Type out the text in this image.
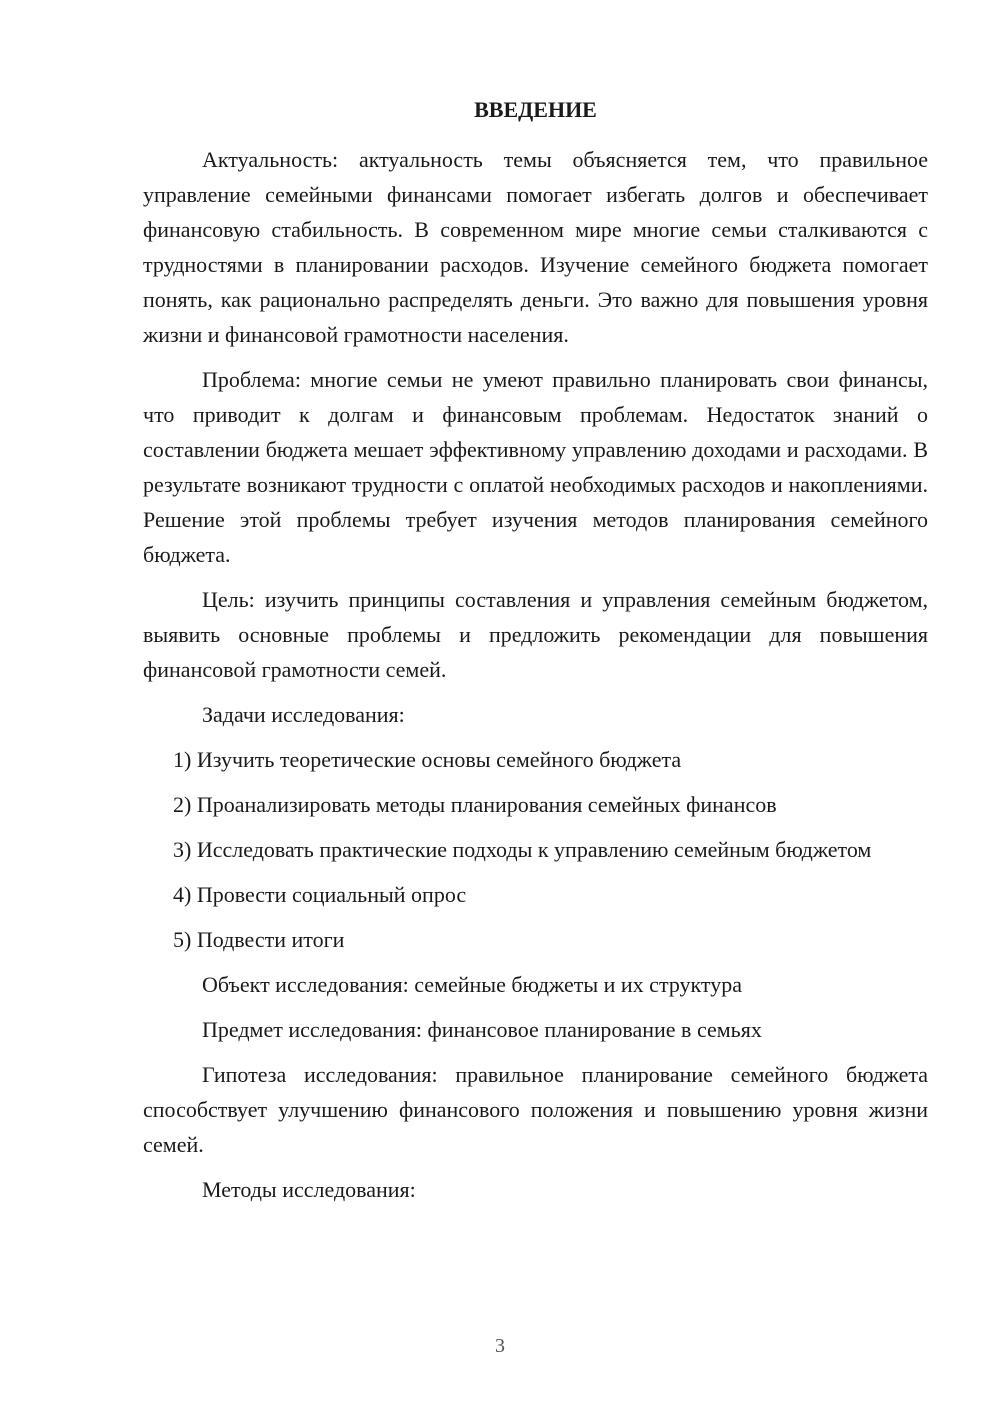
ВВЕДЕНИЕ

Актуальность: актуальность темы объясняется тем, что правильное управление семейными финансами помогает избегать долгов и обеспечивает финансовую стабильность. В современном мире многие семьи сталкиваются с трудностями в планировании расходов. Изучение семейного бюджета помогает понять, как рационально распределять деньги. Это важно для повышения уровня жизни и финансовой грамотности населения.

Проблема: многие семьи не умеют правильно планировать свои финансы, что приводит к долгам и финансовым проблемам. Недостаток знаний о составлении бюджета мешает эффективному управлению доходами и расходами. В результате возникают трудности с оплатой необходимых расходов и накоплениями. Решение этой проблемы требует изучения методов планирования семейного бюджета.

Цель: изучить принципы составления и управления семейным бюджетом, выявить основные проблемы и предложить рекомендации для повышения финансовой грамотности семей.

Задачи исследования:

1) Изучить теоретические основы семейного бюджета

2) Проанализировать методы планирования семейных финансов

3) Исследовать практические подходы к управлению семейным бюджетом

4) Провести социальный опрос

5) Подвести итоги

Объект исследования: семейные бюджеты и их структура

Предмет исследования: финансовое планирование в семьях

Гипотеза исследования: правильное планирование семейного бюджета способствует улучшению финансового положения и повышению уровня жизни семей.

Методы исследования:

3
